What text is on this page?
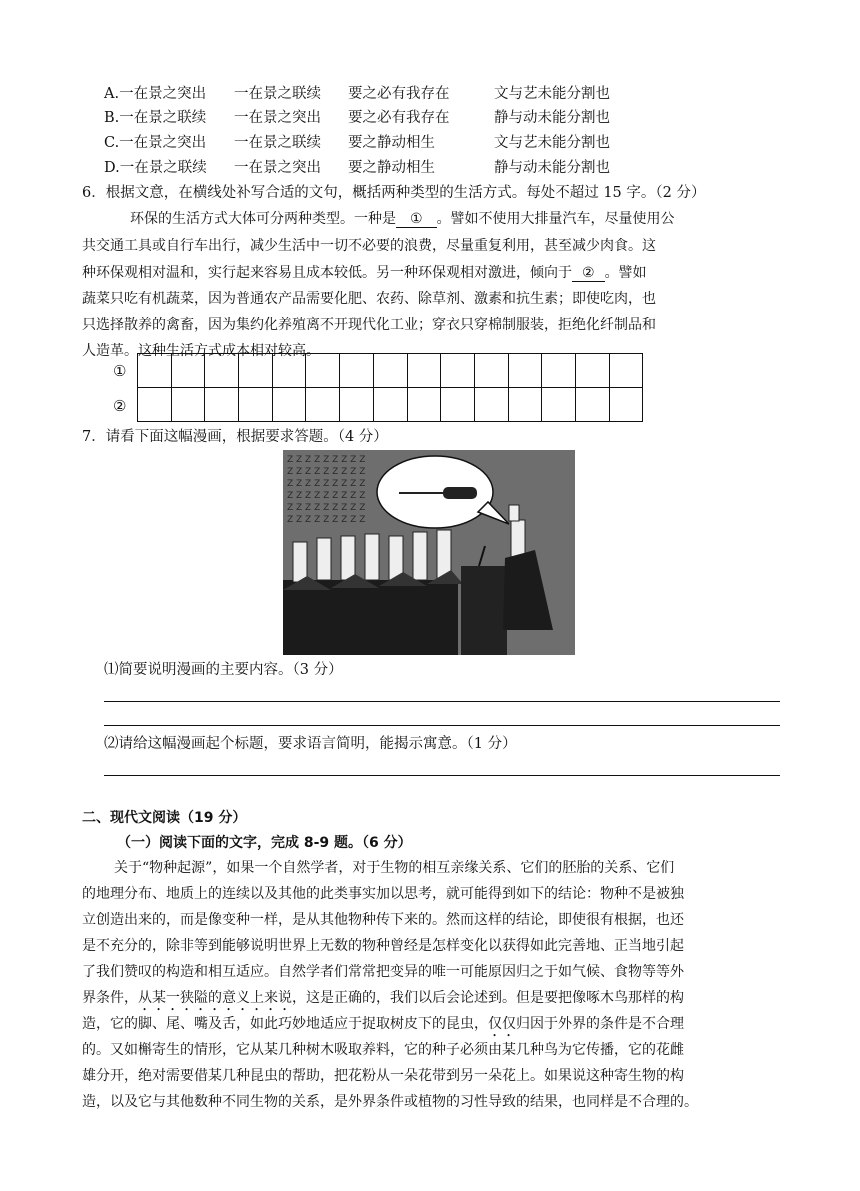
A.一在景之突出 一在景之联续 要之必有我存在	文与艺未能分割也
B.一在景之联续 一在景之突出 要之必有我存在	静与动未能分割也
C.一在景之突出 一在景之联续 要之静动相生	文与艺未能分割也
D.一在景之联续 一在景之突出 要之静动相生	静与动未能分割也
6．根据文意，在横线处补写合适的文句，概括两种类型的生活方式。每处不超过 15 字。（2 分）
环保的生活方式大体可分两种类型。一种是 ① 。譬如不使用大排量汽车，尽量使用公
共交通工具或自行车出行，减少生活中一切不必要的浪费，尽量重复利用，甚至减少肉食。这
种环保观相对温和，实行起来容易且成本较低。另一种环保观相对激进，倾向于 ② 。譬如
蔬菜只吃有机蔬菜，因为普通农产品需要化肥、农药、除草剂、激素和抗生素；即使吃肉，也
只选择散养的禽畜，因为集约化养殖离不开现代化工业；穿衣只穿棉制服装，拒绝化纤制品和
人造革。这种生活方式成本相对较高。
①

②

7．请看下面这幅漫画，根据要求答题。（4 分）
Z Z Z Z Z Z Z Z Z
Z Z Z Z Z Z Z Z Z
Z Z Z Z Z Z Z Z Z
Z Z Z Z Z Z Z Z Z
Z Z Z Z Z Z Z Z Z
Z Z Z Z Z Z Z Z Z
⑴简要说明漫画的主要内容。（3 分）
⑵请给这幅漫画起个标题，要求语言简明，能揭示寓意。（1 分）
二、现代文阅读（19 分）
（一）阅读下面的文字，完成 8-9 题。（6 分）
关于“物种起源”，如果一个自然学者，对于生物的相互亲缘关系、它们的胚胎的关系、它们
的地理分布、地质上的连续以及其他的此类事实加以思考，就可能得到如下的结论：物种不是被独
立创造出来的，而是像变种一样，是从其他物种传下来的。然而这样的结论，即使很有根据，也还
是不充分的，除非等到能够说明世界上无数的物种曾经是怎样变化以获得如此完善地、正当地引起
了我们赞叹的构造和相互适应。自然学者们常常把变异的唯一可能原因归之于如气候、食物等等外
界条件，从某一狭隘的意义上来说，这是正确的，我们以后会论述到。但是要把像啄木鸟那样的构
造，它的脚、尾、嘴及舌，如此巧妙地适应于捉取树皮下的昆虫，仅仅归因于外界的条件是不合理
的。又如槲寄生的情形，它从某几种树木吸取养料，它的种子必须由某几种鸟为它传播，它的花雌
雄分开，绝对需要借某几种昆虫的帮助，把花粉从一朵花带到另一朵花上。如果说这种寄生物的构
造，以及它与其他数种不同生物的关系，是外界条件或植物的习性导致的结果，也同样是不合理的。
